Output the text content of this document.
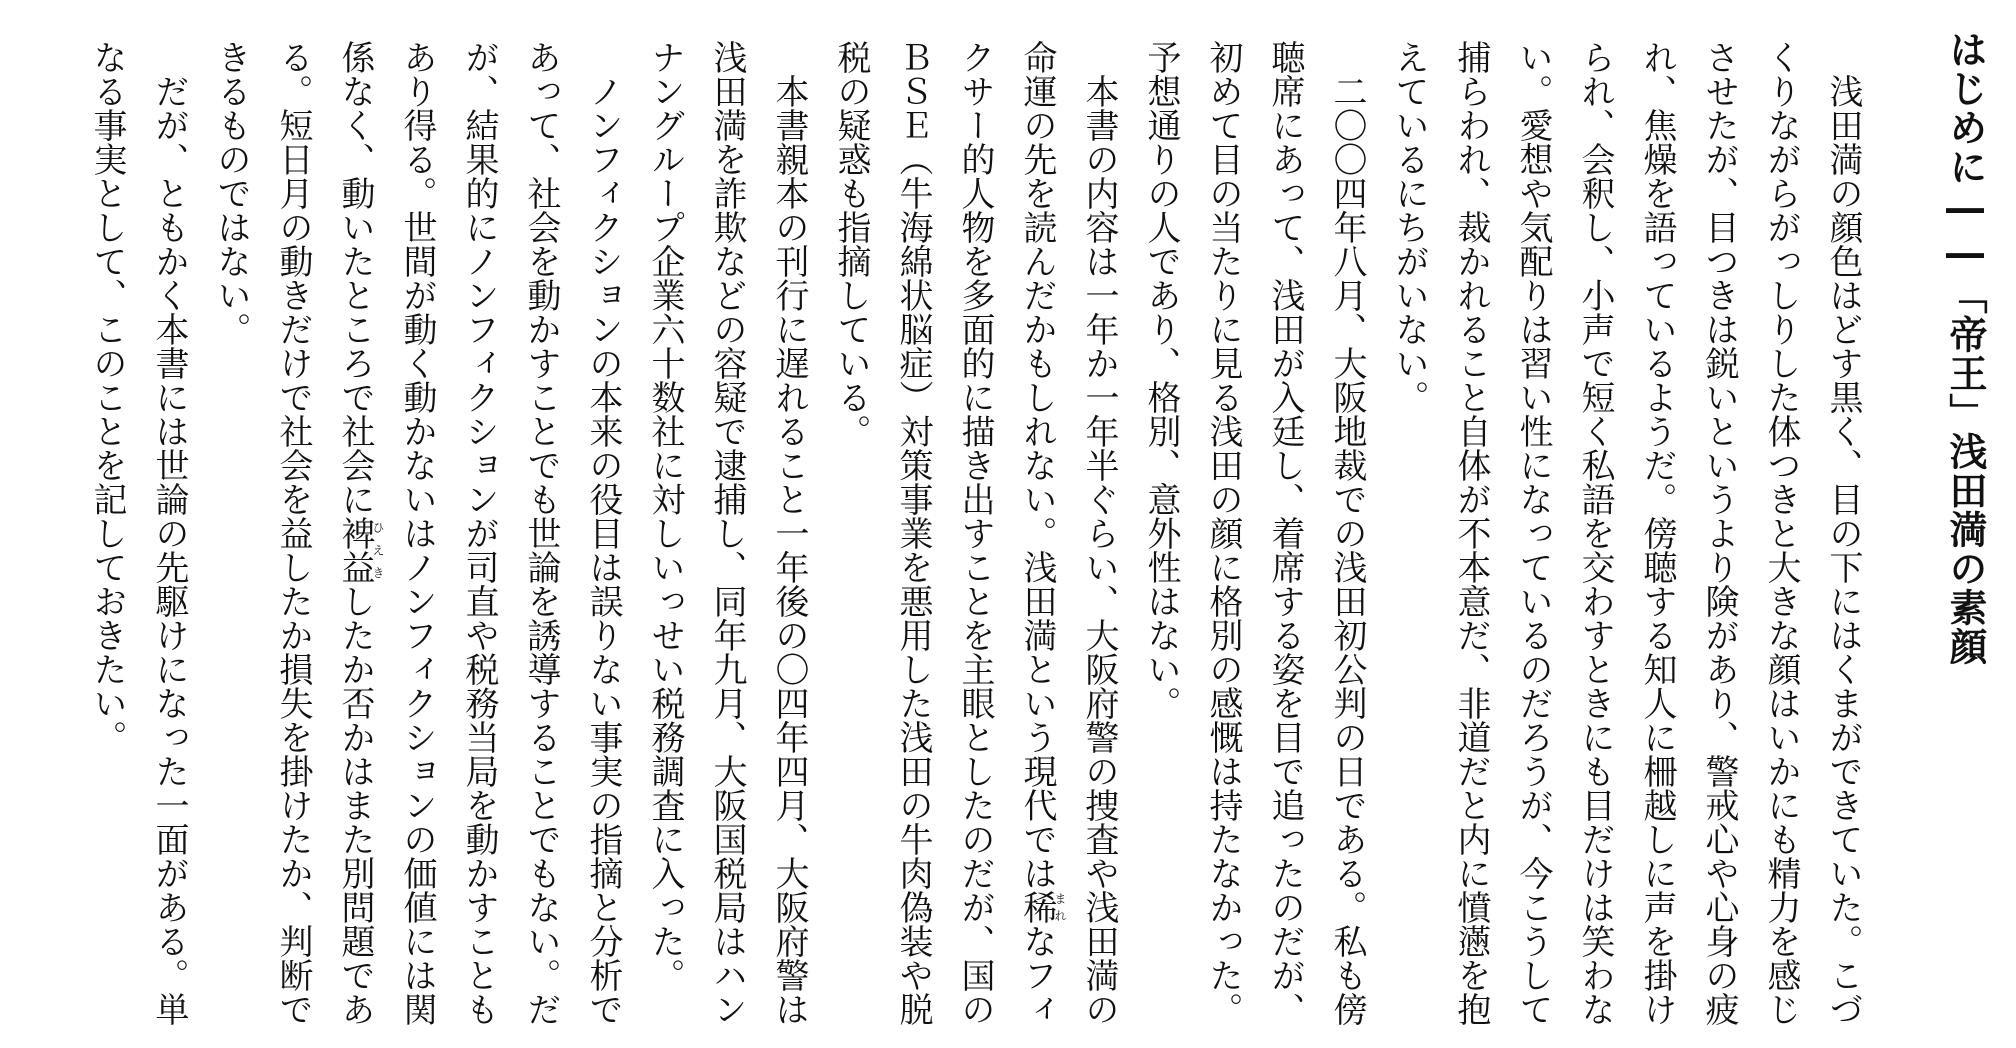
はじめに――「帝王」浅田満の素顔

浅田満の顔色はどす黒く、目の下にはくまができていた。こづくりながらがっしりした体つきと大きな顔はいかにも精力を感じさせたが、目つきは鋭いというより険があり、警戒心や心身の疲れ、焦燥を語っているようだ。傍聴する知人に柵越しに声を掛けられ、会釈し、小声で短く私語を交わすときにも目だけは笑わない。愛想や気配りは習い性になっているのだろうが、今こうして捕らわれ、裁かれること自体が不本意だ、非道だと内に憤懣を抱えているにちがいない。

二〇〇四年八月、大阪地裁での浅田初公判の日である。私も傍聴席にあって、浅田が入廷し、着席する姿を目で追ったのだが、初めて目の当たりに見る浅田の顔に格別の感慨は持たなかった。予想通りの人であり、格別、意外性はない。

本書の内容は一年か一年半ぐらい、大阪府警の捜査や浅田満の命運の先を読んだかもしれない。浅田満という現代では稀まれなフィクサー的人物を多面的に描き出すことを主眼としたのだが、国のＢＳＥ（牛海綿状脳症）対策事業を悪用した浅田の牛肉偽装や脱税の疑惑も指摘している。

本書親本の刊行に遅れること一年後の〇四年四月、大阪府警は浅田満を詐欺などの容疑で逮捕し、同年九月、大阪国税局はハンナングループ企業六十数社に対しいっせい税務調査に入った。

ノンフィクションの本来の役目は誤りない事実の指摘と分析であって、社会を動かすことでも世論を誘導することでもない。だが、結果的にノンフィクションが司直や税務当局を動かすこともあり得る。世間が動く動かないはノンフィクションの価値には関係なく、動いたところで社会に裨益ひえきしたか否かはまた別問題である。短日月の動きだけで社会を益したか損失を掛けたか、判断できるものではない。

だが、ともかく本書には世論の先駆けになった一面がある。単なる事実として、このことを記しておきたい。
